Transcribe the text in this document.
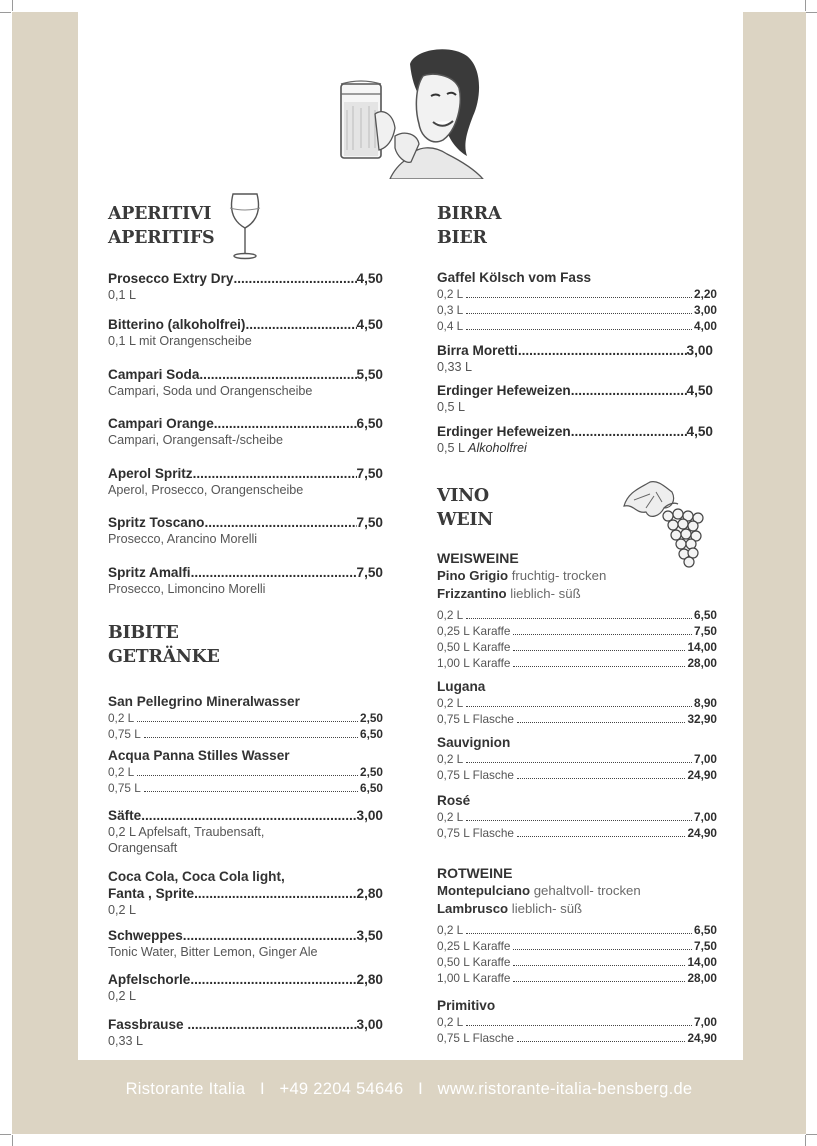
APERITIVI
APERITIFS
Prosecco Extry Dry .....	4,50
0,1 L
Bitterino (alkoholfrei) .....	4,50
0,1 L mit Orangenscheibe
Campari Soda .....	5,50
Campari, Soda und Orangenscheibe
Campari Orange .....	6,50
Campari, Orangensaft-/scheibe
Aperol Spritz .....	7,50
Aperol, Prosecco, Orangenscheibe
Spritz Toscano .....	7,50
Prosecco, Arancino Morelli
Spritz Amalfi .....	7,50
Prosecco, Limoncino Morelli
BIBITE
GETRÄNKE
San Pellegrino Mineralwasser
0,2 L	2,50
0,75 L	6,50
Acqua Panna Stilles Wasser
0,2 L	2,50
0,75 L	6,50
Säfte .....	3,00
0,2 L Apfelsaft, Traubensaft,
Orangensaft
Coca Cola, Coca Cola light,
Fanta , Sprite .....	2,80
0,2 L
Schweppes .....	3,50
Tonic Water, Bitter Lemon, Ginger Ale
Apfelschorle .....	2,80
0,2 L
Fassbrause .....	3,00
0,33 L
BIRRA
BIER
Gaffel Kölsch vom Fass
0,2 L	2,20
0,3 L	3,00
0,4 L	4,00
Birra Moretti .....	3,00
0,33 L
Erdinger Hefeweizen .....	4,50
0,5 L
Erdinger Hefeweizen .....	4,50
0,5 L Alkoholfrei
VINO
WEIN
WEISWEINE
Pino Grigio fruchtig- trocken
Frizzantino lieblich- süß
0,2 L	6,50
0,25 L Karaffe	7,50
0,50 L Karaffe	14,00
1,00 L Karaffe	28,00
Lugana
0,2 L	8,90
0,75 L Flasche	32,90
Sauvignion
0,2 L	7,00
0,75 L Flasche	24,90
Rosé
0,2 L	7,00
0,75 L Flasche	24,90
ROTWEINE
Montepulciano gehaltvoll- trocken
Lambrusco lieblich- süß
0,2 L	6,50
0,25 L Karaffe	7,50
0,50 L Karaffe	14,00
1,00 L Karaffe	28,00
Primitivo
0,2 L	7,00
0,75 L Flasche	24,90
Ristorante Italia   I   +49 2204 54646   I   www.ristorante-italia-bensberg.de
